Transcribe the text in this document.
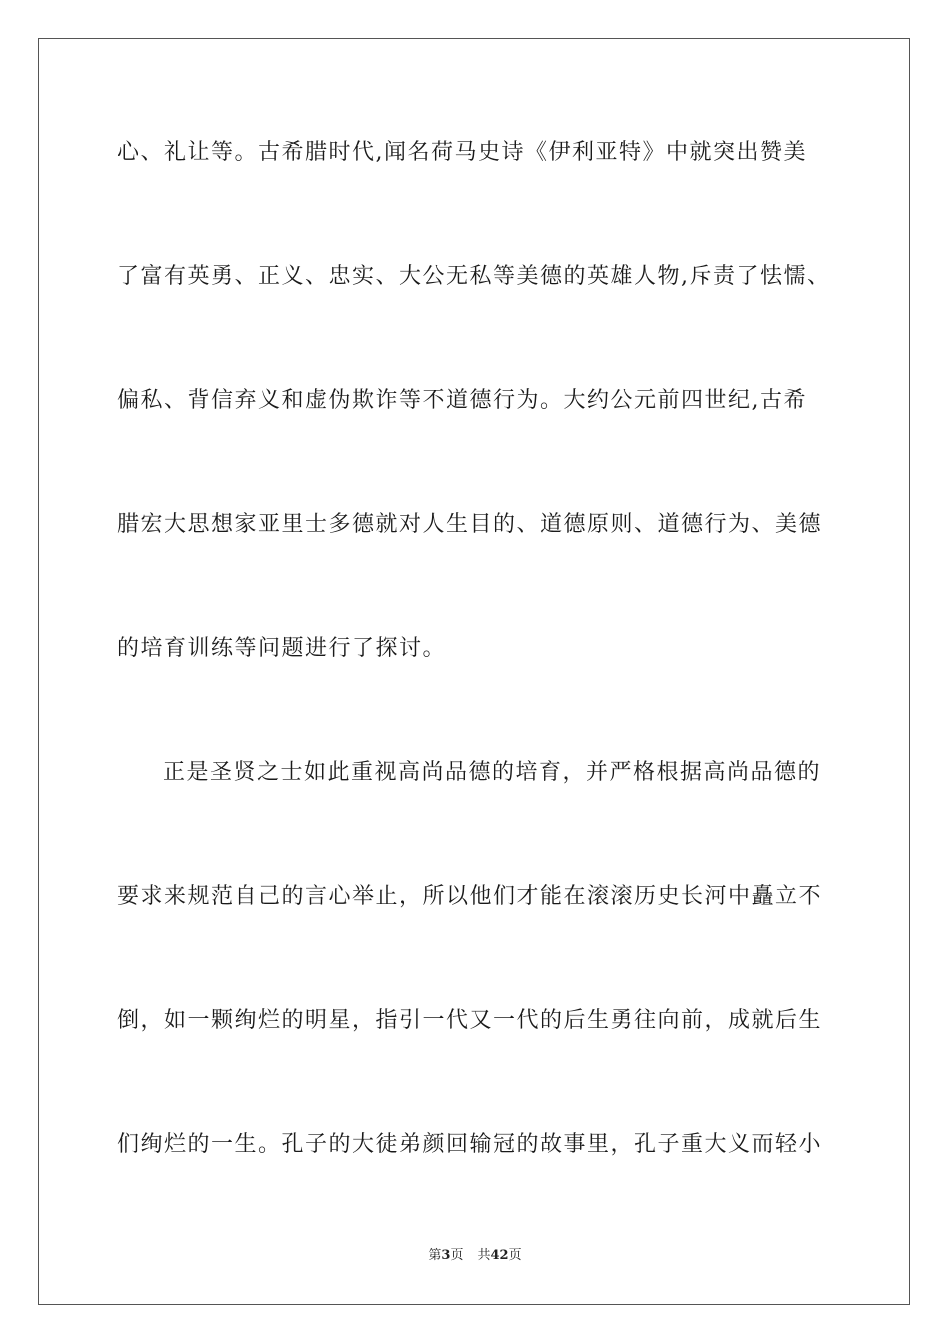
心、礼让等。古希腊时代,闻名荷马史诗《伊利亚特》中就突出赞美
了富有英勇、正义、忠实、大公无私等美德的英雄人物,斥责了怯懦、
偏私、背信弃义和虚伪欺诈等不道德行为。大约公元前四世纪,古希
腊宏大思想家亚里士多德就对人生目的、道德原则、道德行为、美德
的培育训练等问题进行了探讨。
正是圣贤之士如此重视高尚品德的培育，并严格根据高尚品德的
要求来规范自己的言心举止，所以他们才能在滚滚历史长河中矗立不
倒，如一颗绚烂的明星，指引一代又一代的后生勇往向前，成就后生
们绚烂的一生。孔子的大徒弟颜回输冠的故事里，孔子重大义而轻小
第3页 共42页
